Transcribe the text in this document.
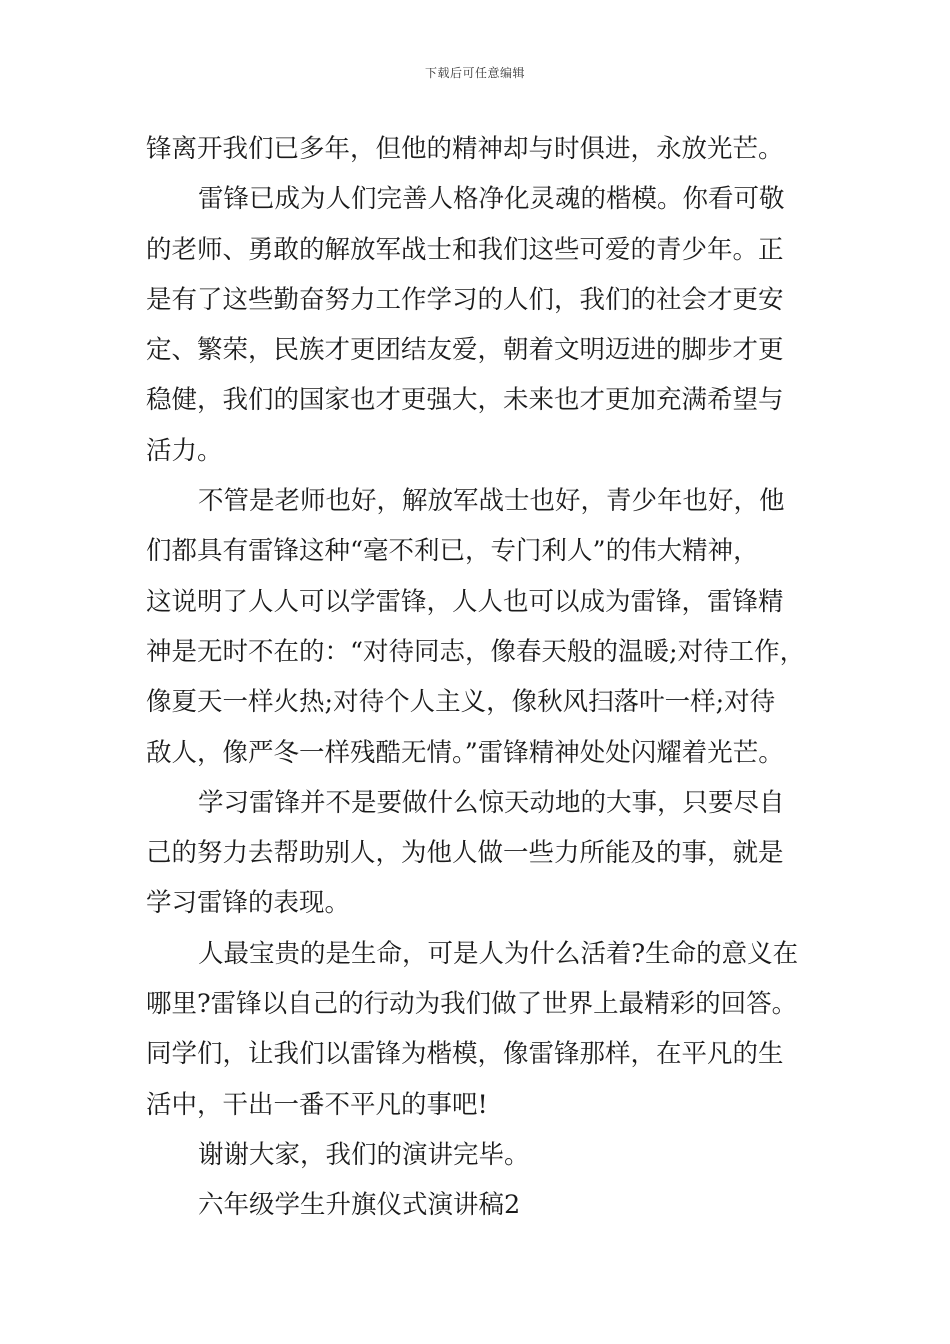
下载后可任意编辑
锋离开我们已多年，但他的精神却与时俱进，永放光芒。
雷锋已成为人们完善人格净化灵魂的楷模。你看可敬
的老师、勇敢的解放军战士和我们这些可爱的青少年。正
是有了这些勤奋努力工作学习的人们，我们的社会才更安
定、繁荣，民族才更团结友爱，朝着文明迈进的脚步才更
稳健，我们的国家也才更强大，未来也才更加充满希望与
活力。
不管是老师也好，解放军战士也好，青少年也好，他
们都具有雷锋这种“毫不利已，专门利人”的伟大精神，
这说明了人人可以学雷锋，人人也可以成为雷锋，雷锋精
神是无时不在的：“对待同志，像春天般的温暖;对待工作，
像夏天一样火热;对待个人主义，像秋风扫落叶一样;对待
敌人，像严冬一样残酷无情。”雷锋精神处处闪耀着光芒。
学习雷锋并不是要做什么惊天动地的大事，只要尽自
己的努力去帮助别人，为他人做一些力所能及的事，就是
学习雷锋的表现。
人最宝贵的是生命，可是人为什么活着?生命的意义在
哪里?雷锋以自己的行动为我们做了世界上最精彩的回答。
同学们，让我们以雷锋为楷模，像雷锋那样，在平凡的生
活中，干出一番不平凡的事吧!
谢谢大家，我们的演讲完毕。
六年级学生升旗仪式演讲稿2
